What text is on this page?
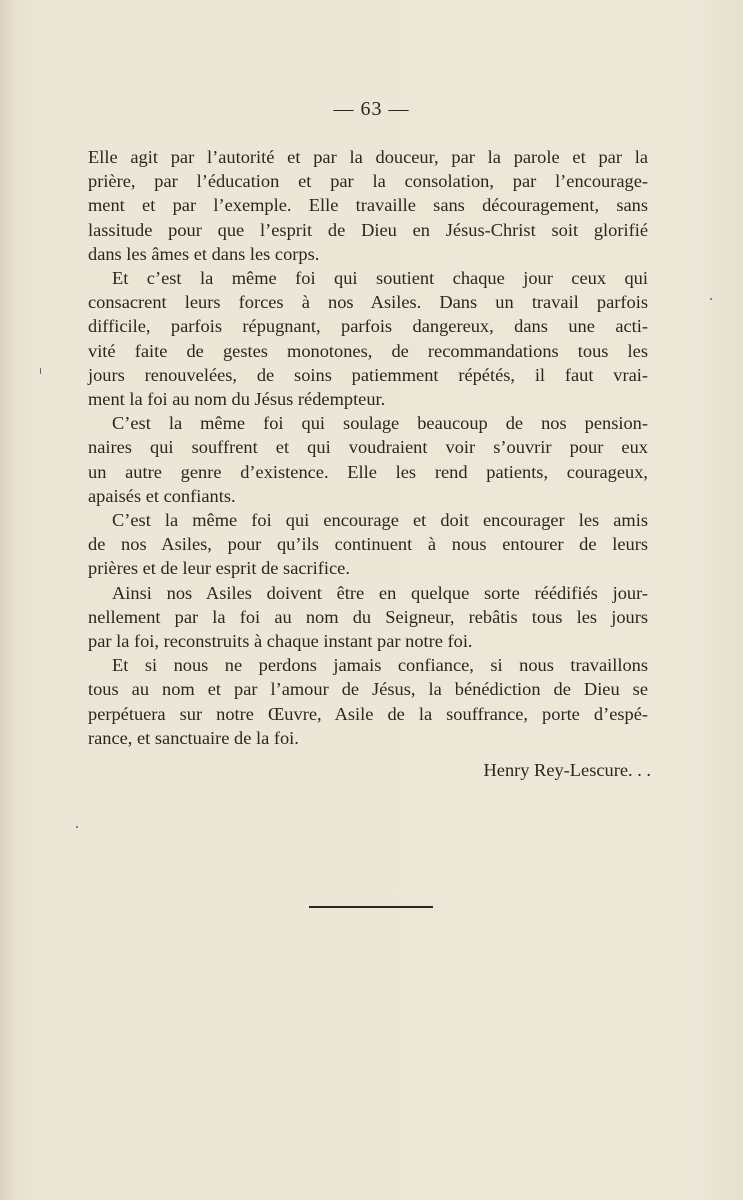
— 63 —

Elle agit par l’autorité et par la douceur, par la parole et par la
prière, par l’éducation et par la consolation, par l’encourage-
ment et par l’exemple. Elle travaille sans découragement, sans
lassitude pour que l’esprit de Dieu en Jésus-Christ soit glorifié
dans les âmes et dans les corps.

Et c’est la même foi qui soutient chaque jour ceux qui
consacrent leurs forces à nos Asiles. Dans un travail parfois
difficile, parfois répugnant, parfois dangereux, dans une acti-
vité faite de gestes monotones, de recommandations tous les
jours renouvelées, de soins patiemment répétés, il faut vrai-
ment la foi au nom du Jésus rédempteur.

C’est la même foi qui soulage beaucoup de nos pension-
naires qui souffrent et qui voudraient voir s’ouvrir pour eux
un autre genre d’existence. Elle les rend patients, courageux,
apaisés et confiants.

C’est la même foi qui encourage et doit encourager les amis
de nos Asiles, pour qu’ils continuent à nous entourer de leurs
prières et de leur esprit de sacrifice.

Ainsi nos Asiles doivent être en quelque sorte réédifiés jour-
nellement par la foi au nom du Seigneur, rebâtis tous les jours
par la foi, reconstruits à chaque instant par notre foi.

Et si nous ne perdons jamais confiance, si nous travaillons
tous au nom et par l’amour de Jésus, la bénédiction de Dieu se
perpétuera sur notre Œuvre, Asile de la souffrance, porte d’espé-
rance, et sanctuaire de la foi.

Henry Rey-Lescure. . .
